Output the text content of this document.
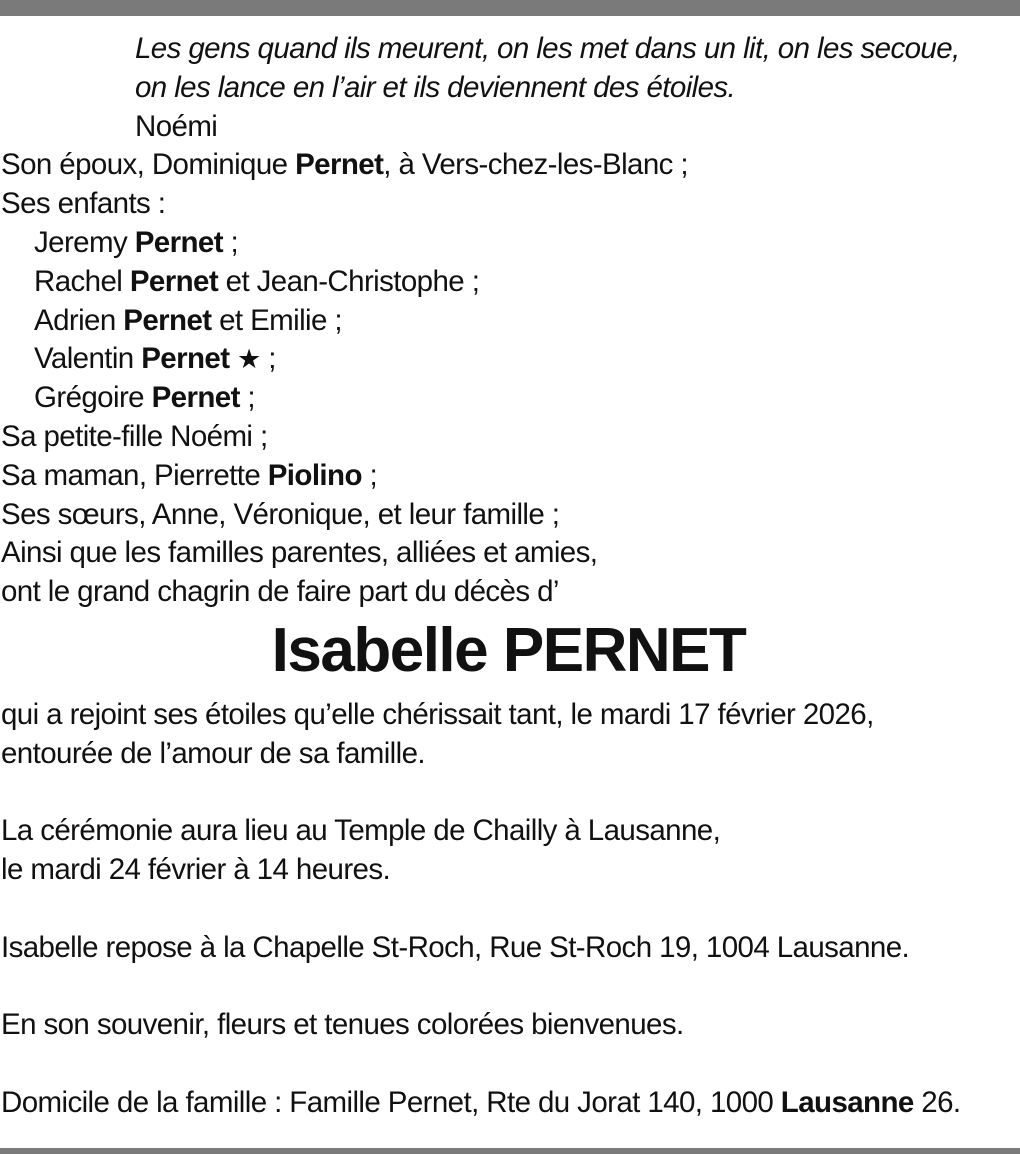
Les gens quand ils meurent, on les met dans un lit, on les secoue,
on les lance en l’air et ils deviennent des étoiles.
Noémi
Son époux, Dominique Pernet, à Vers-chez-les-Blanc ;
Ses enfants :
Jeremy Pernet ;
Rachel Pernet et Jean-Christophe ;
Adrien Pernet et Emilie ;
Valentin Pernet ★ ;
Grégoire Pernet ;
Sa petite-fille Noémi ;
Sa maman, Pierrette Piolino ;
Ses sœurs, Anne, Véronique, et leur famille ;
Ainsi que les familles parentes, alliées et amies,
ont le grand chagrin de faire part du décès d’
Isabelle PERNET
qui a rejoint ses étoiles qu’elle chérissait tant, le mardi 17 février 2026,
entourée de l’amour de sa famille.
La cérémonie aura lieu au Temple de Chailly à Lausanne,
le mardi 24 février à 14 heures.
Isabelle repose à la Chapelle St-Roch, Rue St-Roch 19, 1004 Lausanne.
En son souvenir, fleurs et tenues colorées bienvenues.
Domicile de la famille : Famille Pernet, Rte du Jorat 140, 1000 Lausanne 26.
